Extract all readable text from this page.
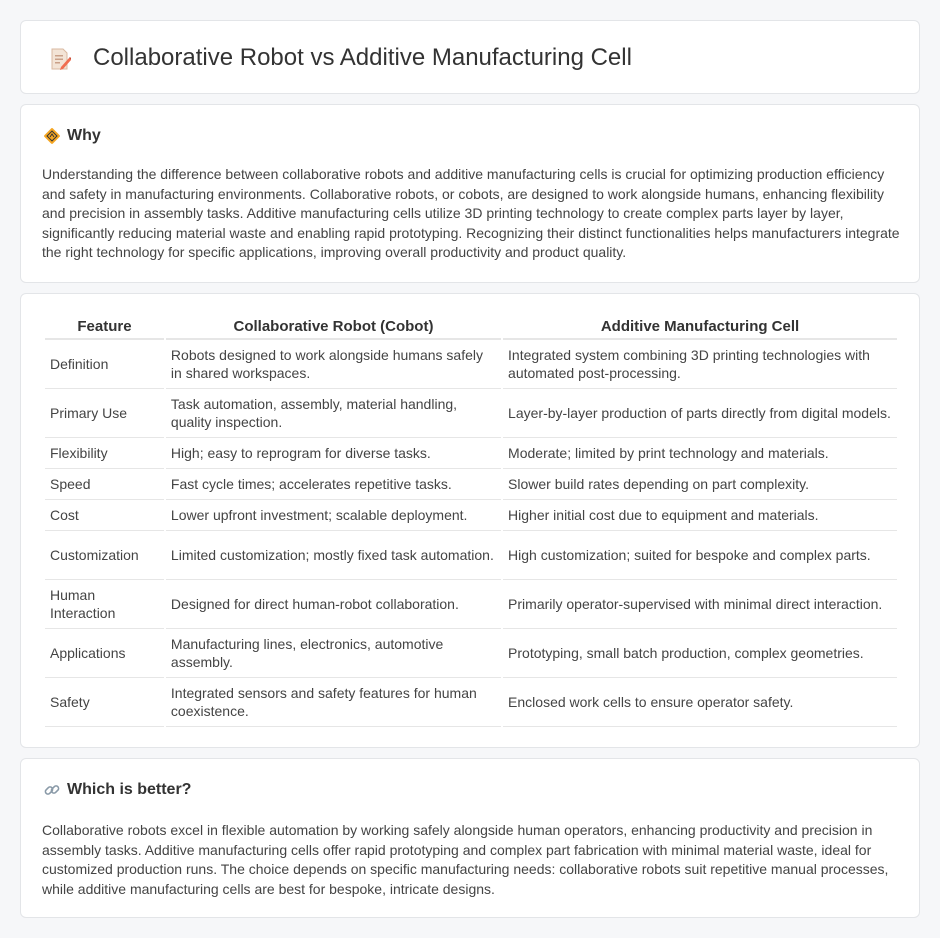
Collaborative Robot vs Additive Manufacturing Cell
Why

Understanding the difference between collaborative robots and additive manufacturing cells is crucial for optimizing production efficiency and safety in manufacturing environments. Collaborative robots, or cobots, are designed to work alongside humans, enhancing flexibility and precision in assembly tasks. Additive manufacturing cells utilize 3D printing technology to create complex parts layer by layer, significantly reducing material waste and enabling rapid prototyping. Recognizing their distinct functionalities helps manufacturers integrate the right technology for specific applications, improving overall productivity and product quality.

Feature	Collaborative Robot (Cobot)	Additive Manufacturing Cell
Definition	Robots designed to work alongside humans safely in shared workspaces.	Integrated system combining 3D printing technologies with automated post-processing.
Primary Use	Task automation, assembly, material handling, quality inspection.	Layer-by-layer production of parts directly from digital models.
Flexibility	High; easy to reprogram for diverse tasks.	Moderate; limited by print technology and materials.
Speed	Fast cycle times; accelerates repetitive tasks.	Slower build rates depending on part complexity.
Cost	Lower upfront investment; scalable deployment.	Higher initial cost due to equipment and materials.
Customization	Limited customization; mostly fixed task automation.	High customization; suited for bespoke and complex parts.
Human Interaction	Designed for direct human-robot collaboration.	Primarily operator-supervised with minimal direct interaction.
Applications	Manufacturing lines, electronics, automotive assembly.	Prototyping, small batch production, complex geometries.
Safety	Integrated sensors and safety features for human coexistence.	Enclosed work cells to ensure operator safety.
Which is better?

Collaborative robots excel in flexible automation by working safely alongside human operators, enhancing productivity and precision in assembly tasks. Additive manufacturing cells offer rapid prototyping and complex part fabrication with minimal material waste, ideal for customized production runs. The choice depends on specific manufacturing needs: collaborative robots suit repetitive manual processes, while additive manufacturing cells are best for bespoke, intricate designs.
